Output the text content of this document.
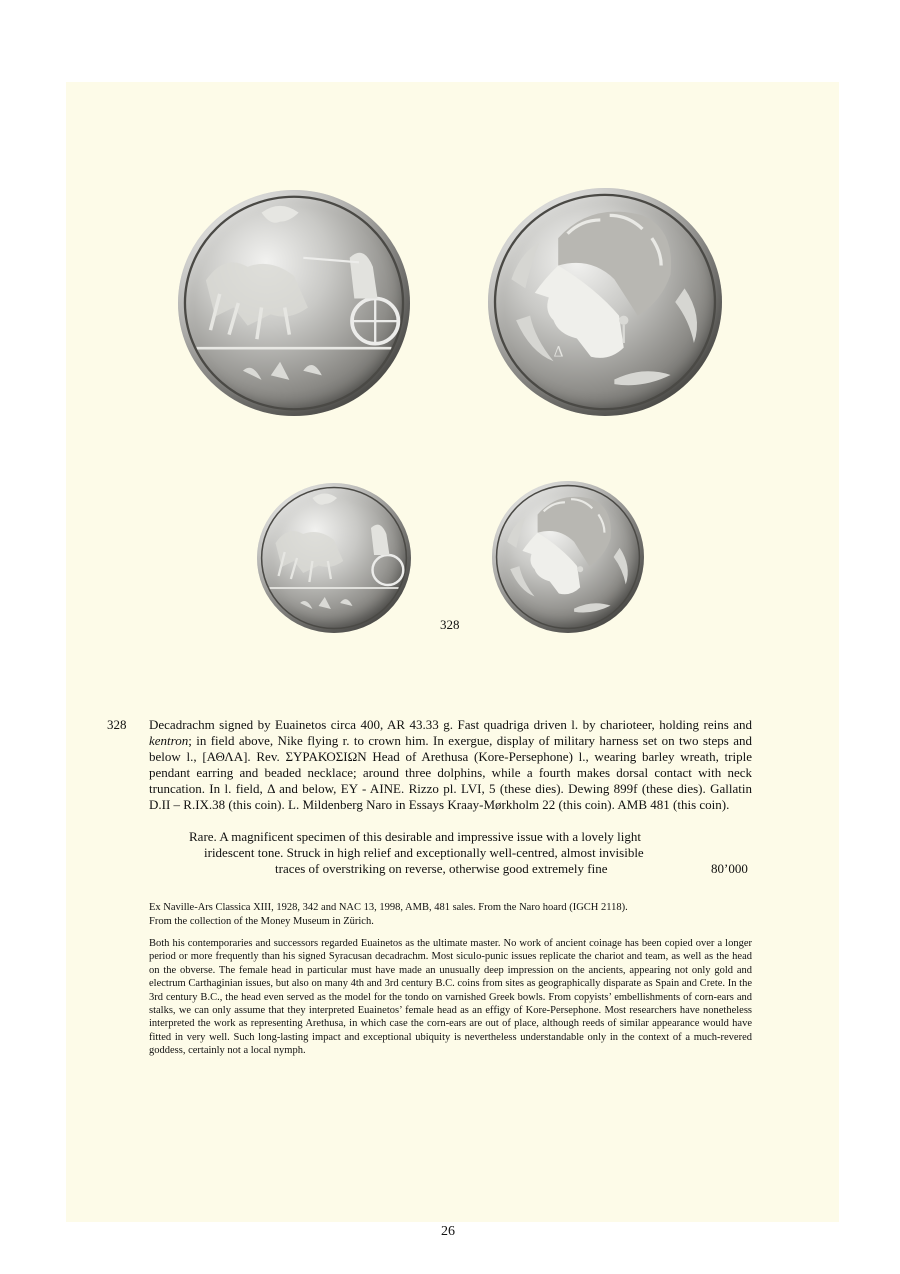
Δ
328
328 Decadrachm signed by Euainetos circa 400, AR 43.33 g. Fast quadriga driven l. by charioteer, holding reins and kentron; in field above, Nike flying r. to crown him. In exergue, display of military harness set on two steps and below l., [ΑΘΛΑ]. Rev. ΣΥΡΑΚΟΣΙΩΝ Head of Arethusa (Kore-Persephone) l., wearing barley wreath, triple pendant earring and beaded necklace; around three dolphins, while a fourth makes dorsal contact with neck truncation. In l. field, Δ and below, ΕΥ - ΑΙΝΕ. Rizzo pl. LVI, 5 (these dies). Dewing 899f (these dies). Gallatin D.II – R.IX.38 (this coin). L. Mildenberg Naro in Essays Kraay-Mørkholm 22 (this coin). AMB 481 (this coin).
Rare. A magnificent specimen of this desirable and impressive issue with a lovely light
iridescent tone. Struck in high relief and exceptionally well-centred, almost invisible
traces of overstriking on reverse, otherwise good extremely fine	80’000
Ex Naville-Ars Classica XIII, 1928, 342 and NAC 13, 1998, AMB, 481 sales. From the Naro hoard (IGCH 2118).
From the collection of the Money Museum in Zürich.
Both his contemporaries and successors regarded Euainetos as the ultimate master. No work of ancient coinage has been copied over a longer period or more frequently than his signed Syracusan decadrachm. Most siculo-punic issues replicate the chariot and team, as well as the head on the obverse. The female head in particular must have made an unusually deep impression on the ancients, appearing not only gold and electrum Carthaginian issues, but also on many 4th and 3rd century B.C. coins from sites as geographically disparate as Spain and Crete. In the 3rd century B.C., the head even served as the model for the tondo on varnished Greek bowls. From copyists’ embellishments of corn-ears and stalks, we can only assume that they interpreted Euainetos’ female head as an effigy of Kore-Persephone. Most researchers have nonetheless interpreted the work as representing Arethusa, in which case the corn-ears are out of place, although reeds of similar appearance would have fitted in very well. Such long-lasting impact and exceptional ubiquity is nevertheless understandable only in the context of a much-revered goddess, certainly not a local nymph.
26
